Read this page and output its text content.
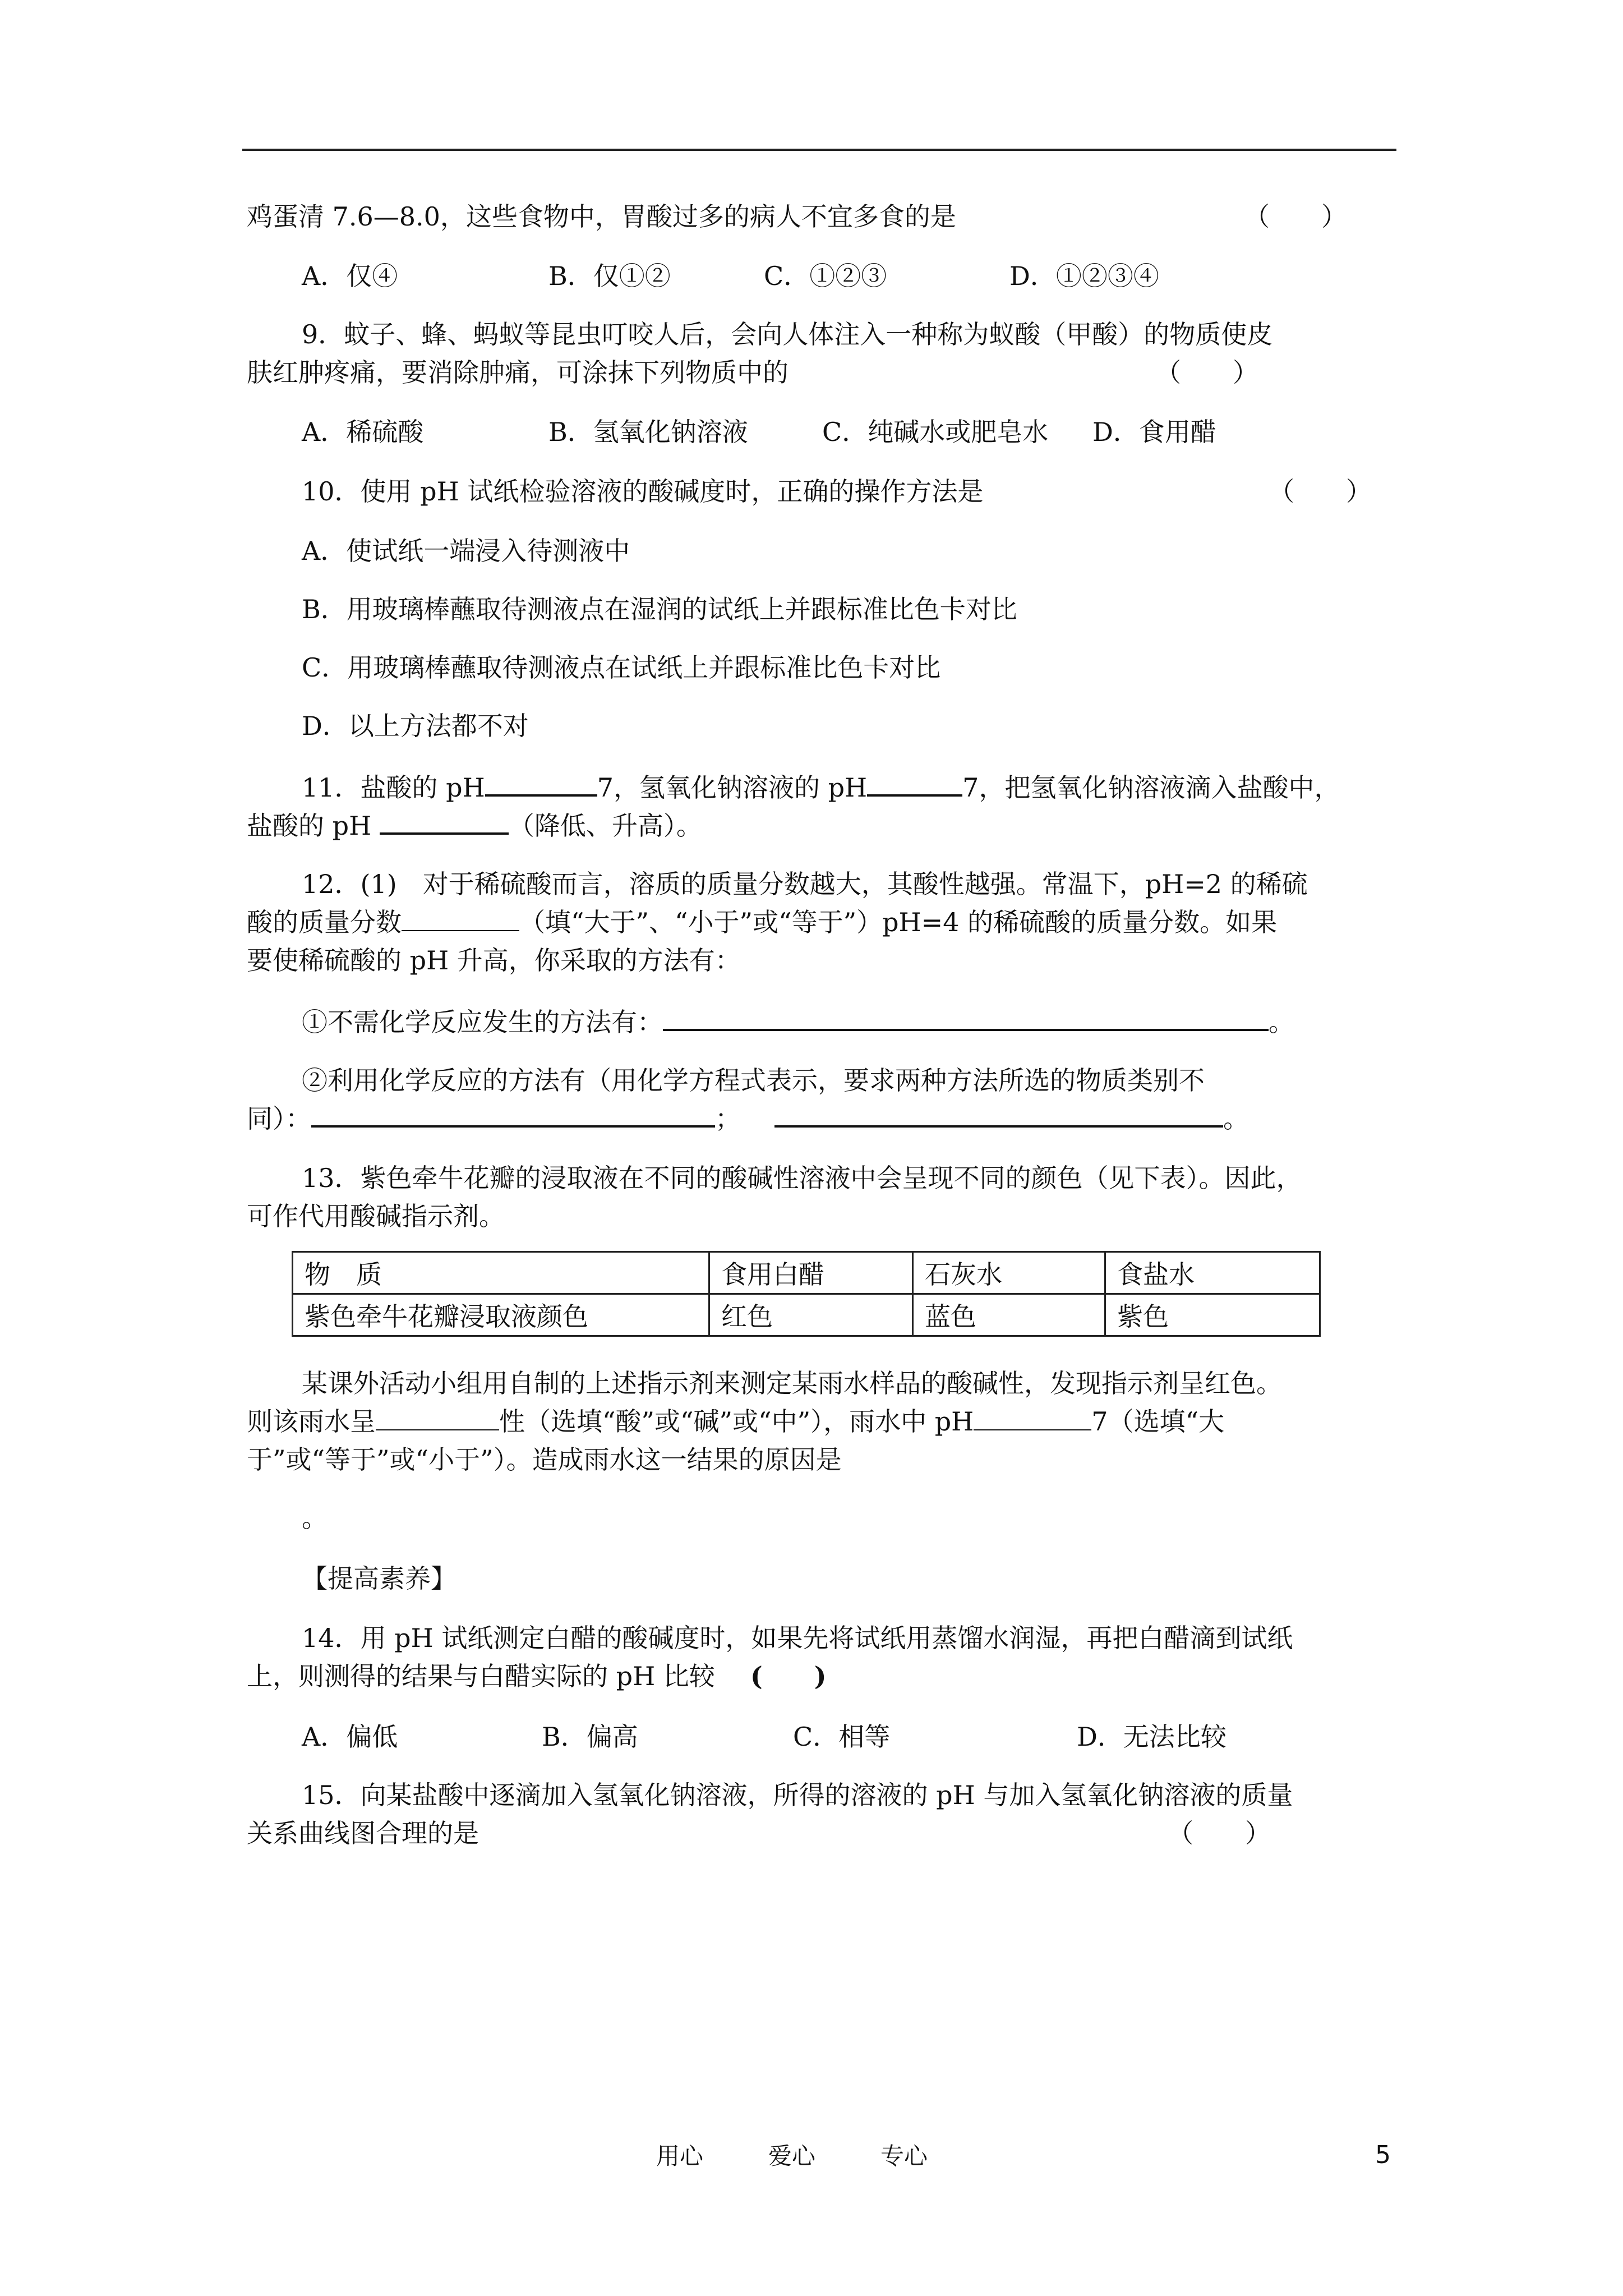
鸡蛋清 7.6—8.0，这些食物中，胃酸过多的病人不宜多食的是	（　　）
A．仅④	B．仅①②	C．①②③	D．①②③④
9．蚊子、蜂、蚂蚁等昆虫叮咬人后，会向人体注入一种称为蚁酸（甲酸）的物质使皮
肤红肿疼痛，要消除肿痛，可涂抹下列物质中的	（　　）
A．稀硫酸	B．氢氧化钠溶液	C．纯碱水或肥皂水 D．食用醋
10．使用 pH 试纸检验溶液的酸碱度时，正确的操作方法是	（　　）
A．使试纸一端浸入待测液中
B．用玻璃棒蘸取待测液点在湿润的试纸上并跟标准比色卡对比
C．用玻璃棒蘸取待测液点在试纸上并跟标准比色卡对比
D．以上方法都不对
11．盐酸的 pH	7，氢氧化钠溶液的 pH	7，把氢氧化钠溶液滴入盐酸中，
盐酸的 pH	（降低、升高）。
12．(1)　对于稀硫酸而言，溶质的质量分数越大，其酸性越强。常温下，pH=2 的稀硫
酸的质量分数	（填“大于”、“小于”或“等于”）pH=4 的稀硫酸的质量分数。如果
要使稀硫酸的 pH 升高，你采取的方法有：
①不需化学反应发生的方法有：	。
②利用化学反应的方法有（用化学方程式表示，要求两种方法所选的物质类别不
同）：	；	。
13．紫色牵牛花瓣的浸取液在不同的酸碱性溶液中会呈现不同的颜色（见下表）。因此，
可作代用酸碱指示剂。
物　质	食用白醋	石灰水	食盐水
紫色牵牛花瓣浸取液颜色	红色	蓝色	紫色
某课外活动小组用自制的上述指示剂来测定某雨水样品的酸碱性，发现指示剂呈红色。
则该雨水呈	性（选填“酸”或“碱”或“中”），雨水中 pH	7（选填“大
于”或“等于”或“小于”）。造成雨水这一结果的原因是
。
【提高素养】
14．用 pH 试纸测定白醋的酸碱度时，如果先将试纸用蒸馏水润湿，再把白醋滴到试纸
上，则测得的结果与白醋实际的 pH 比较 (　　)
A．偏低	B．偏高	C．相等	D．无法比较
15．向某盐酸中逐滴加入氢氧化钠溶液，所得的溶液的 pH 与加入氢氧化钠溶液的质量
关系曲线图合理的是	（　　）
用心	爱心	专心	5
